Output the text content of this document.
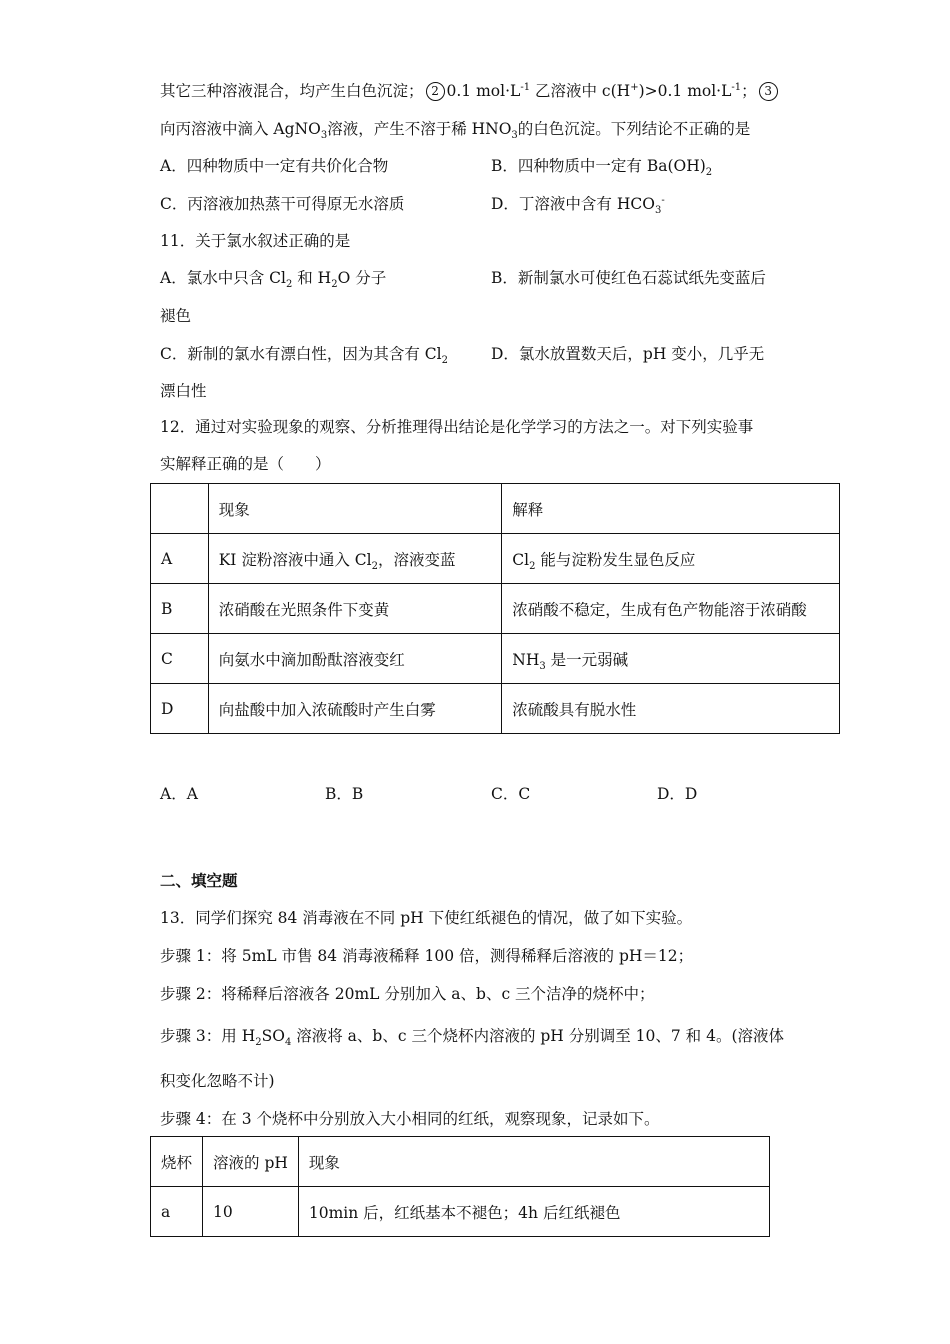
其它三种溶液混合，均产生白色沉淀； 2 0.1 $mol\cdot L^{-1}$ 乙溶液中 c(H+)>0.1 $mol\cdot L^{-1}$； 3
向丙溶液中滴入 AgNO$_3$溶液，产生不溶于稀 $HNO_3$的白色沉淀。下列结论不正确的是
A．四种物质中一定有共价化合物	B．四种物质中一定有 $Ba(OH)_2$
C．丙溶液加热蒸干可得原无水溶质	D．丁溶液中含有 $HCO_3^-$
11．关于氯水叙述正确的是
A．氯水中只含 $Cl_2$ 和 $H_2O$ 分子	B．新制氯水可使红色石蕊试纸先变蓝后
褪色
C．新制的氯水有漂白性，因为其含有 $Cl_2$	D．氯水放置数天后，pH 变小，几乎无
漂白性
12．通过对实验现象的观察、分析推理得出结论是化学学习的方法之一。对下列实验事
实解释正确的是（　　）
	现象	解释
A	KI 淀粉溶液中通入 $Cl_2$，溶液变蓝	$Cl_2$ 能与淀粉发生显色反应
B	浓硝酸在光照条件下变黄	浓硝酸不稳定，生成有色产物能溶于浓硝酸
C	向氨水中滴加酚酞溶液变红	$NH_3$ 是一元弱碱
D	向盐酸中加入浓硫酸时产生白雾	浓硫酸具有脱水性
A．A	B．B	C．C	D．D
二、填空题
13．同学们探究 84 消毒液在不同 pH 下使红纸褪色的情况，做了如下实验。
步骤 1：将 5mL 市售 84 消毒液稀释 100 倍，测得稀释后溶液的 pH＝12；
步骤 2：将稀释后溶液各 20mL 分别加入 a、b、c 三个洁净的烧杯中；
步骤 3：用 $H_2SO_4$ 溶液将 a、b、c 三个烧杯内溶液的 pH 分别调至 10、7 和 4。(溶液体
积变化忽略不计)
步骤 4：在 3 个烧杯中分别放入大小相同的红纸，观察现象，记录如下。
烧杯	溶液的 pH	现象
a	10	10min 后，红纸基本不褪色；4h 后红纸褪色
